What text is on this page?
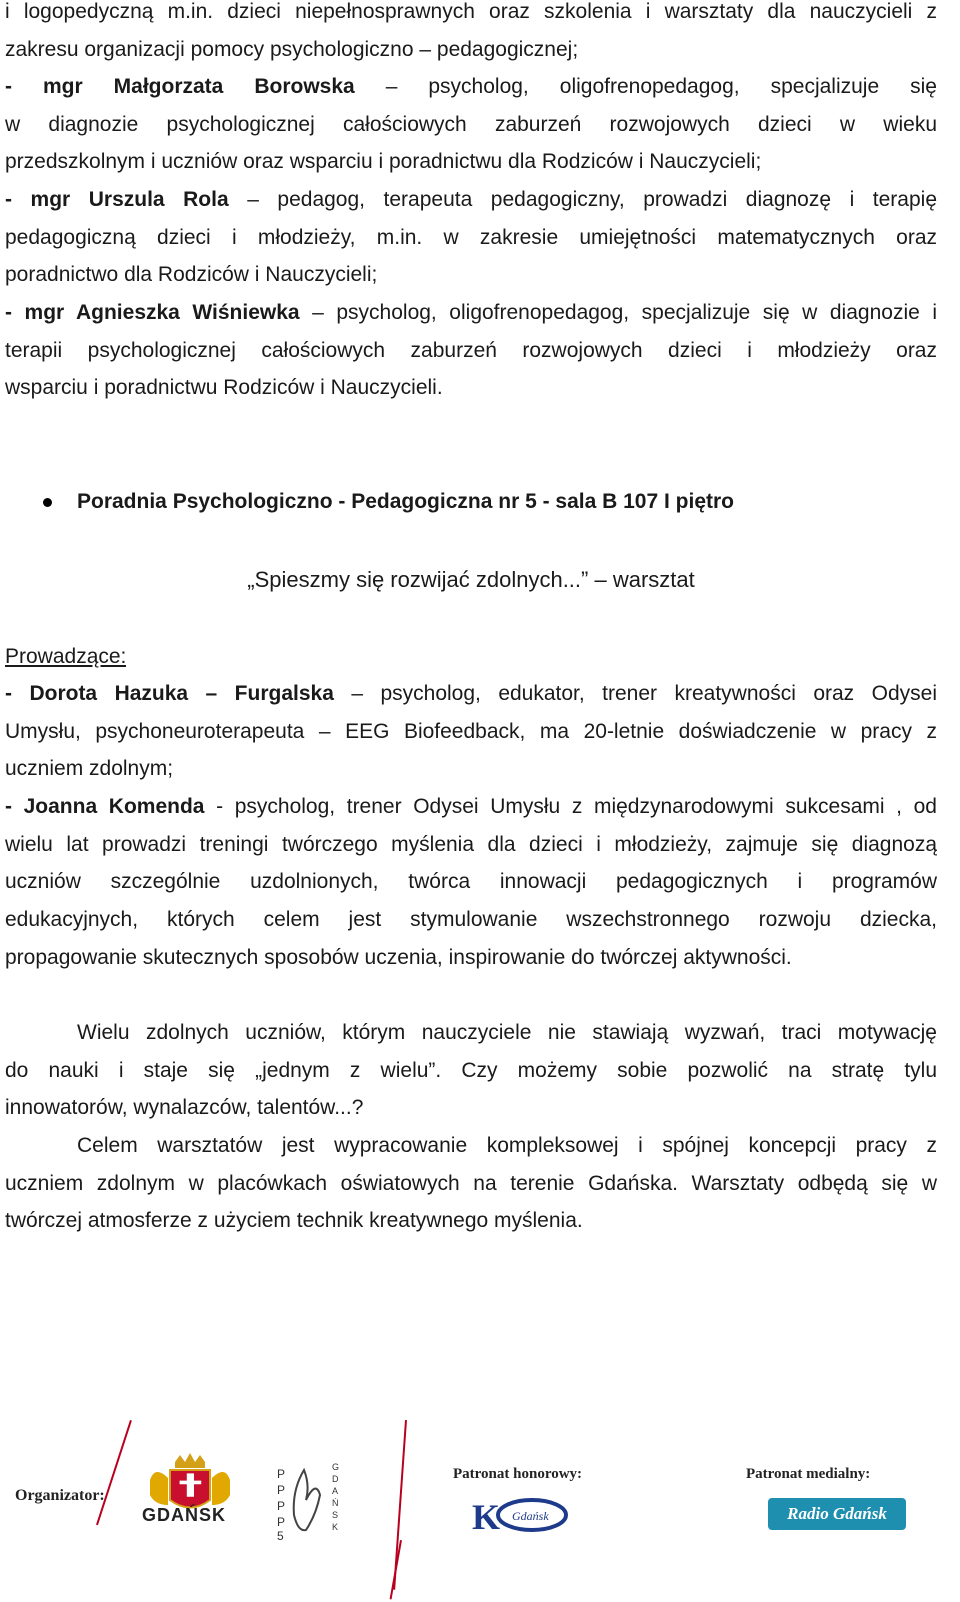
i logopedyczną m.in. dzieci niepełnosprawnych oraz szkolenia i warsztaty dla nauczycieli z
zakresu organizacji pomocy psychologiczno – pedagogicznej;
- mgr Małgorzata Borowska – psycholog, oligofrenopedagog, specjalizuje się
w diagnozie psychologicznej całościowych zaburzeń rozwojowych dzieci w wieku
przedszkolnym i uczniów oraz wsparciu i poradnictwu dla Rodziców i Nauczycieli;
- mgr Urszula Rola – pedagog, terapeuta pedagogiczny, prowadzi diagnozę i terapię
pedagogiczną dzieci i młodzieży, m.in. w zakresie umiejętności matematycznych oraz
poradnictwo dla Rodziców i Nauczycieli;
- mgr Agnieszka Wiśniewka – psycholog, oligofrenopedagog, specjalizuje się w diagnozie i
terapii psychologicznej całościowych zaburzeń rozwojowych dzieci i młodzieży oraz
wsparciu i poradnictwu Rodziców i Nauczycieli.
Poradnia Psychologiczno - Pedagogiczna nr 5 - sala B 107 I piętro
„Spieszmy się rozwijać zdolnych...” – warsztat
Prowadzące:
- Dorota Hazuka – Furgalska – psycholog, edukator, trener kreatywności oraz Odysei
Umysłu, psychoneuroterapeuta – EEG Biofeedback, ma 20-letnie doświadczenie w pracy z
uczniem zdolnym;
- Joanna Komenda - psycholog, trener Odysei Umysłu z międzynarodowymi sukcesami , od
wielu lat prowadzi treningi twórczego myślenia dla dzieci i młodzieży, zajmuje się diagnozą
uczniów szczególnie uzdolnionych, twórca innowacji pedagogicznych i programów
edukacyjnych, których celem jest stymulowanie wszechstronnego rozwoju dziecka,
propagowanie skutecznych sposobów uczenia, inspirowanie do twórczej aktywności.
Wielu zdolnych uczniów, którym nauczyciele nie stawiają wyzwań, traci motywację
do nauki i staje się „jednym z wielu”. Czy możemy sobie pozwolić na stratę tylu
innowatorów, wynalazców, talentów...?
Celem warsztatów jest wypracowanie kompleksowej i spójnej koncepcji pracy z
uczniem zdolnym w placówkach oświatowych na terenie Gdańska. Warsztaty odbędą się w
twórczej atmosferze z użyciem technik kreatywnego myślenia.
Organizator:
GDAŃSK
P
P
P
P
5
G
D
A
Ń
S
K
Patronat honorowy:
K Gdańsk
Patronat medialny:
Radio Gdańsk
